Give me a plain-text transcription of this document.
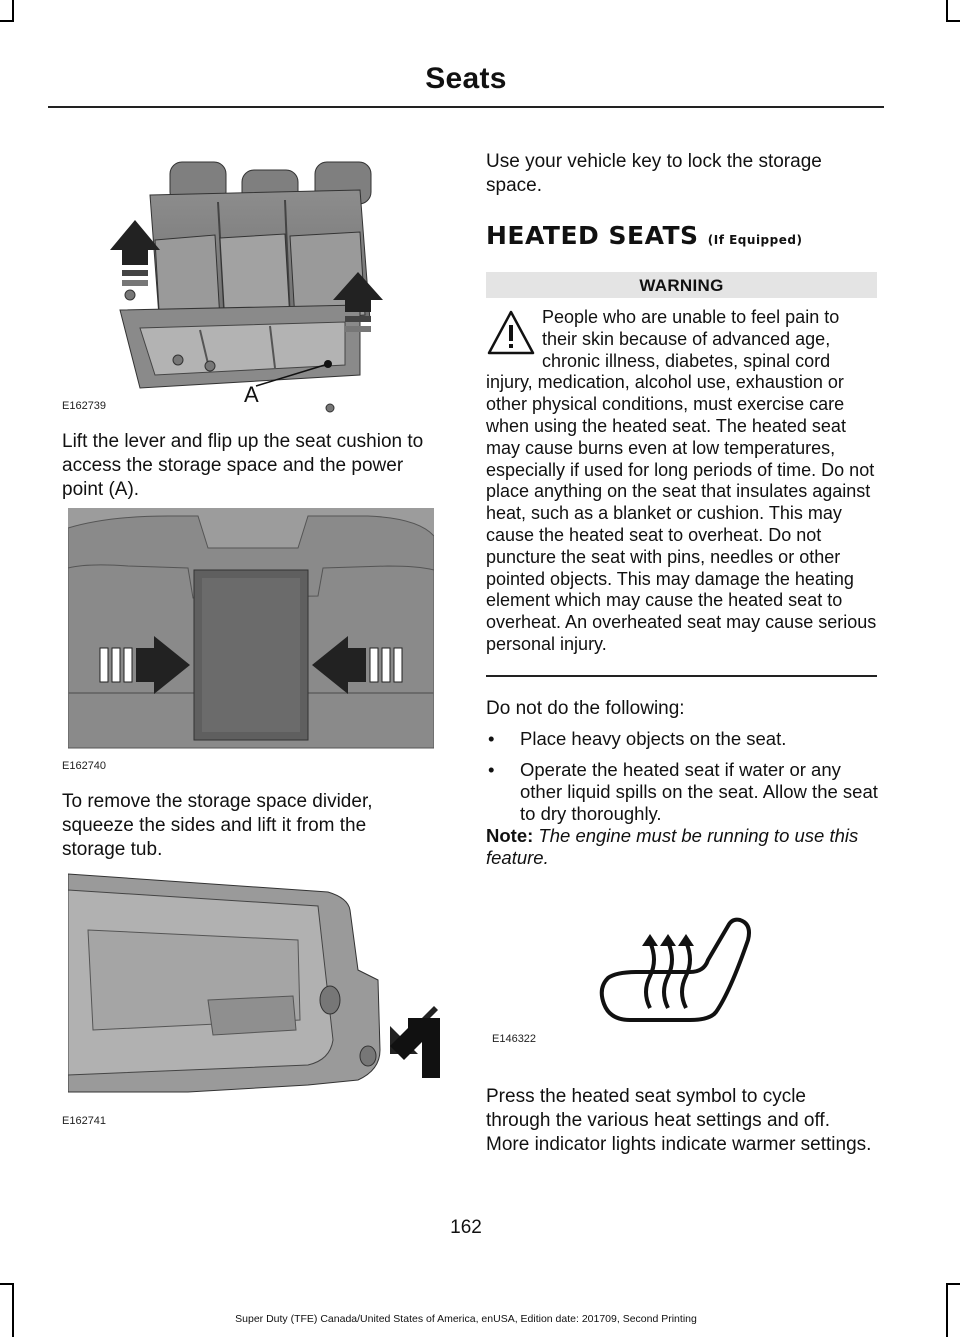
Seats
A
E162739

Lift the lever and flip up the seat cushion to access the storage space and the power point (A).

E162740

To remove the storage space divider, squeeze the sides and lift it from the storage tub.

E162741

Use your vehicle key to lock the storage space.

HEATED SEATS (If Equipped)
WARNING

People who are unable to feel pain to their skin because of advanced age, chronic illness, diabetes, spinal cord injury, medication, alcohol use, exhaustion or other physical conditions, must exercise care when using the heated seat. The heated seat may cause burns even at low temperatures, especially if used for long periods of time. Do not place anything on the seat that insulates against heat, such as a blanket or cushion. This may cause the heated seat to overheat. Do not puncture the seat with pins, needles or other pointed objects. This may damage the heating element which may cause the heated seat to overheat. An overheated seat may cause serious personal injury.

Do not do the following:

• Place heavy objects on the seat.
• Operate the heated seat if water or any other liquid spills on the seat. Allow the seat to dry thoroughly.

Note: The engine must be running to use this feature.

E146322

Press the heated seat symbol to cycle through the various heat settings and off. More indicator lights indicate warmer settings.

162
Super Duty (TFE) Canada/United States of America, enUSA, Edition date: 201709, Second Printing
